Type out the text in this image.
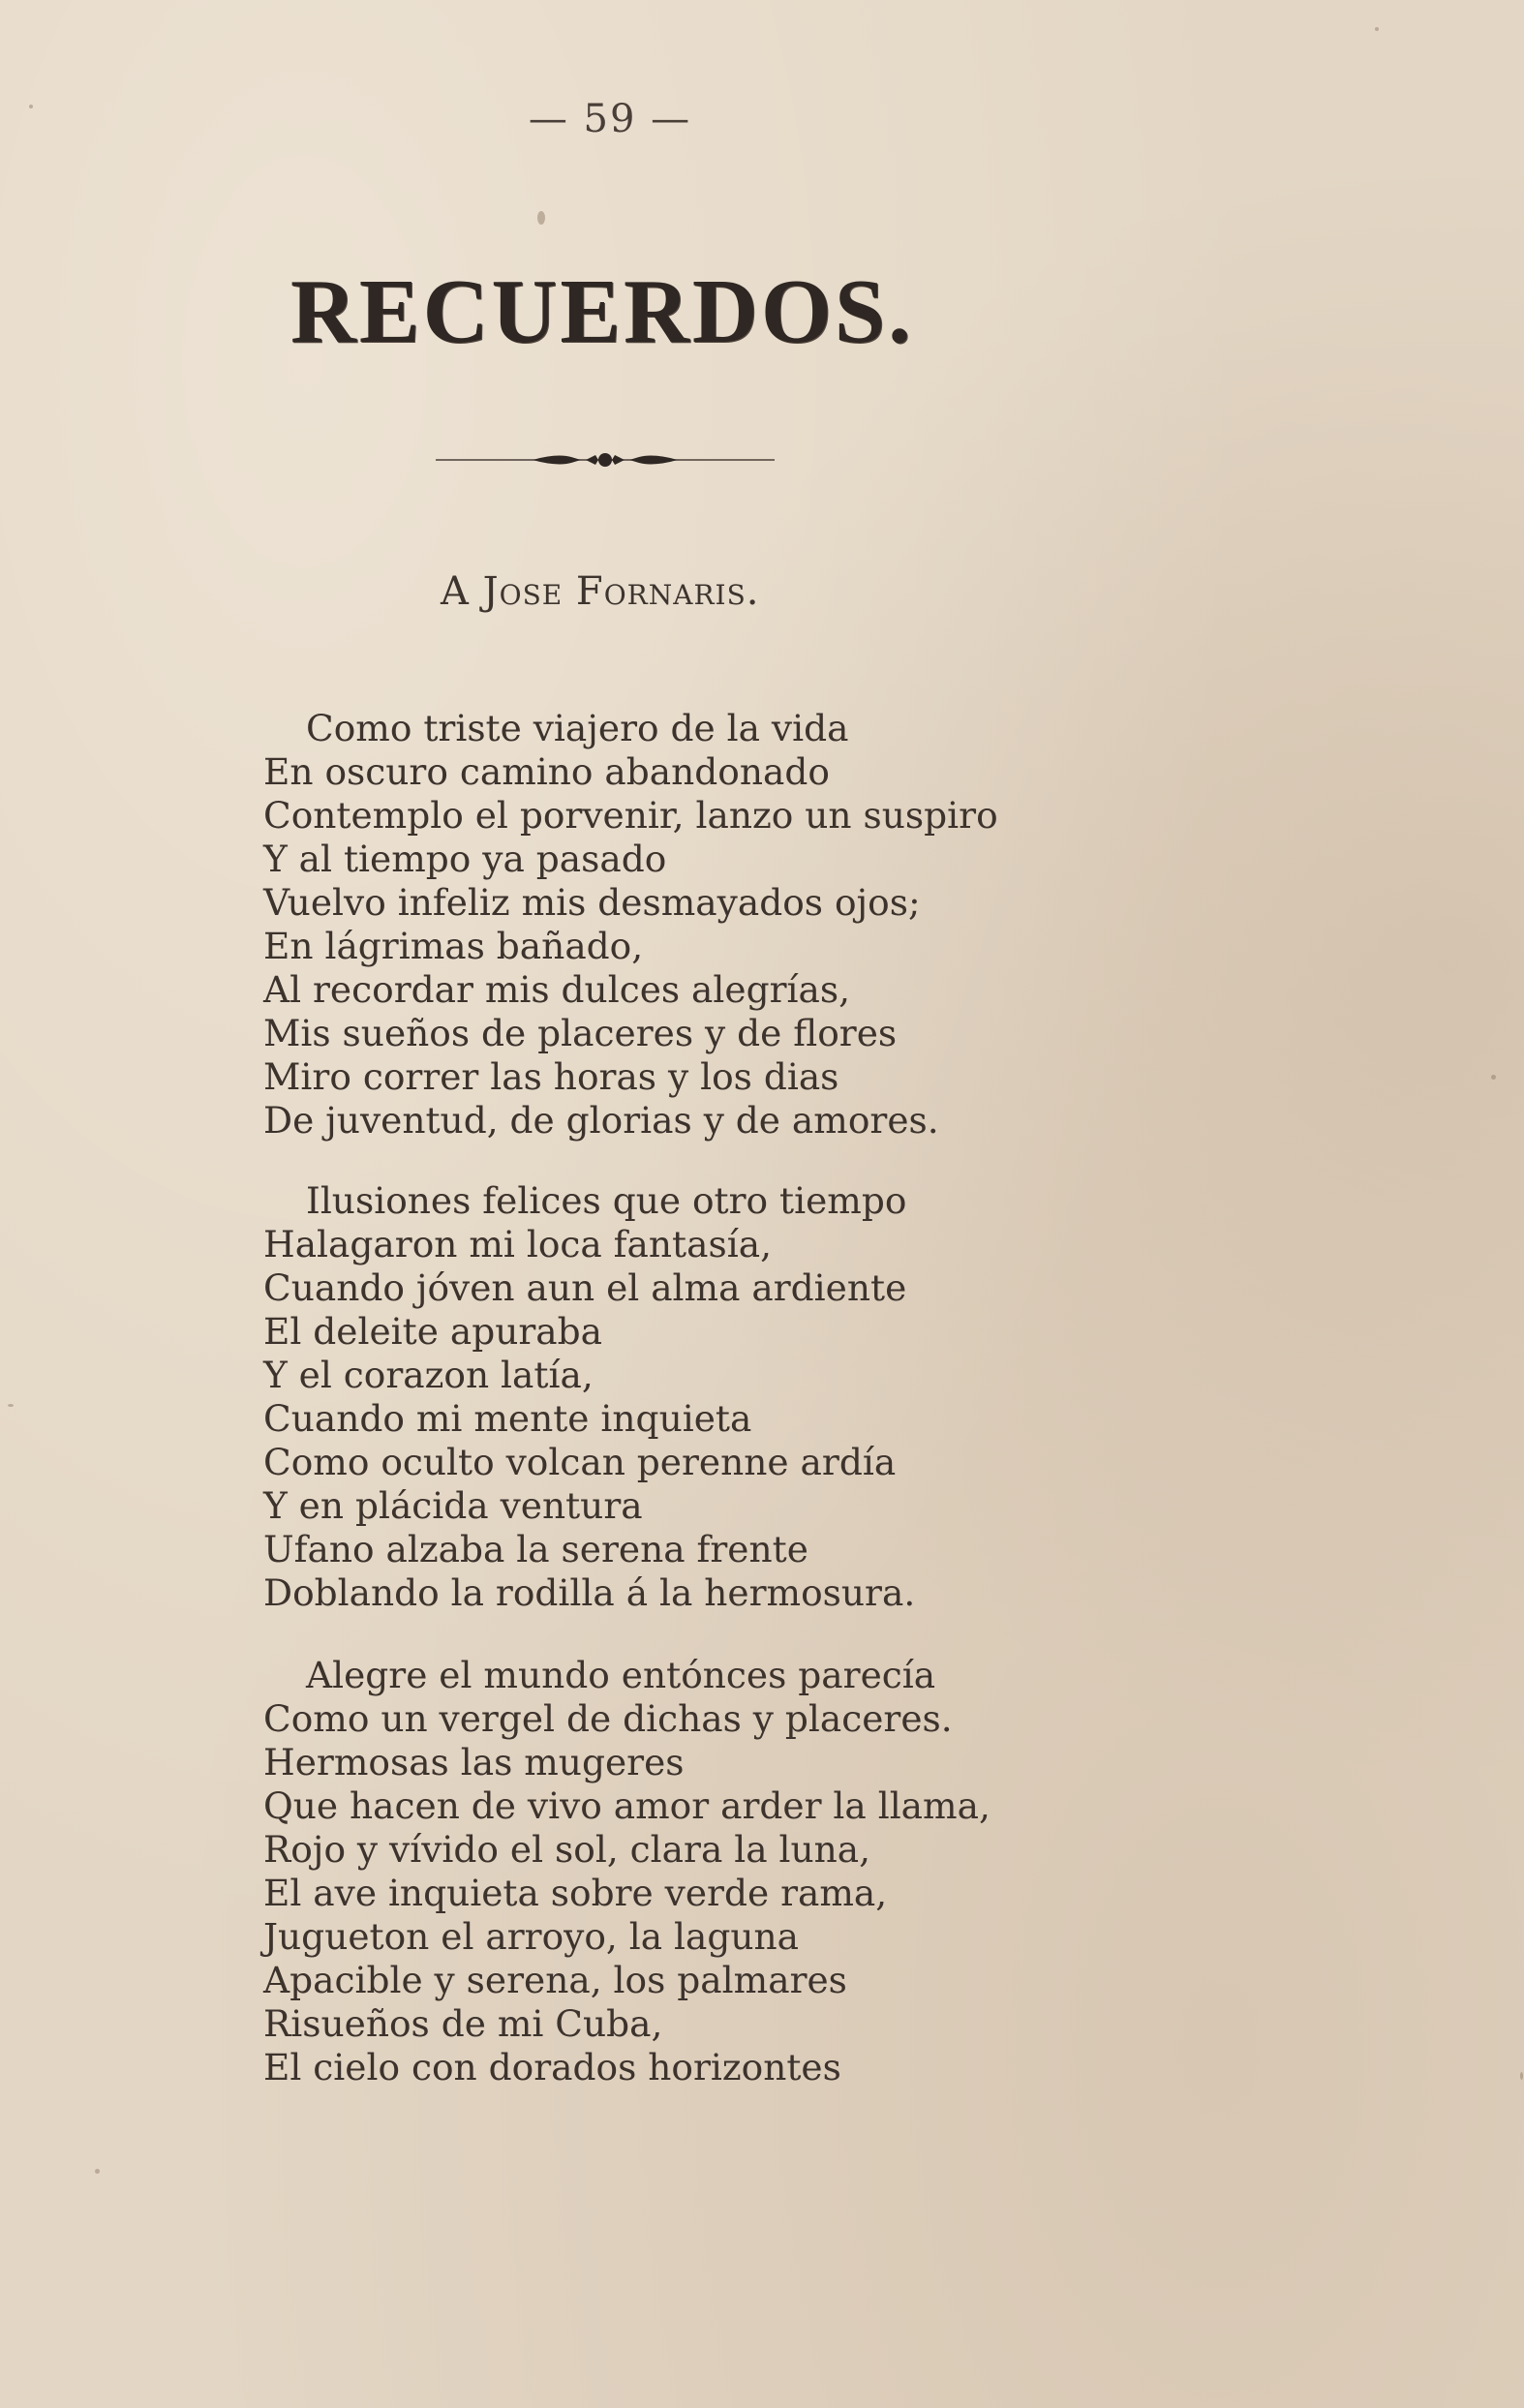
— 59 —
RECUERDOS.
A Jose Fornaris.
Como triste viajero de la vida
En oscuro camino abandonado
Contemplo el porvenir, lanzo un suspiro
Y al tiempo ya pasado
Vuelvo infeliz mis desmayados ojos;
En lágrimas bañado,
Al recordar mis dulces alegrías,
Mis sueños de placeres y de flores
Miro correr las horas y los dias
De juventud, de glorias y de amores.
Ilusiones felices que otro tiempo
Halagaron mi loca fantasía,
Cuando jóven aun el alma ardiente
El deleite apuraba
Y el corazon latía,
Cuando mi mente inquieta
Como oculto volcan perenne ardía
Y en plácida ventura
Ufano alzaba la serena frente
Doblando la rodilla á la hermosura.
Alegre el mundo entónces parecía
Como un vergel de dichas y placeres.
Hermosas las mugeres
Que hacen de vivo amor arder la llama,
Rojo y vívido el sol, clara la luna,
El ave inquieta sobre verde rama,
Jugueton el arroyo, la laguna
Apacible y serena, los palmares
Risueños de mi Cuba,
El cielo con dorados horizontes
